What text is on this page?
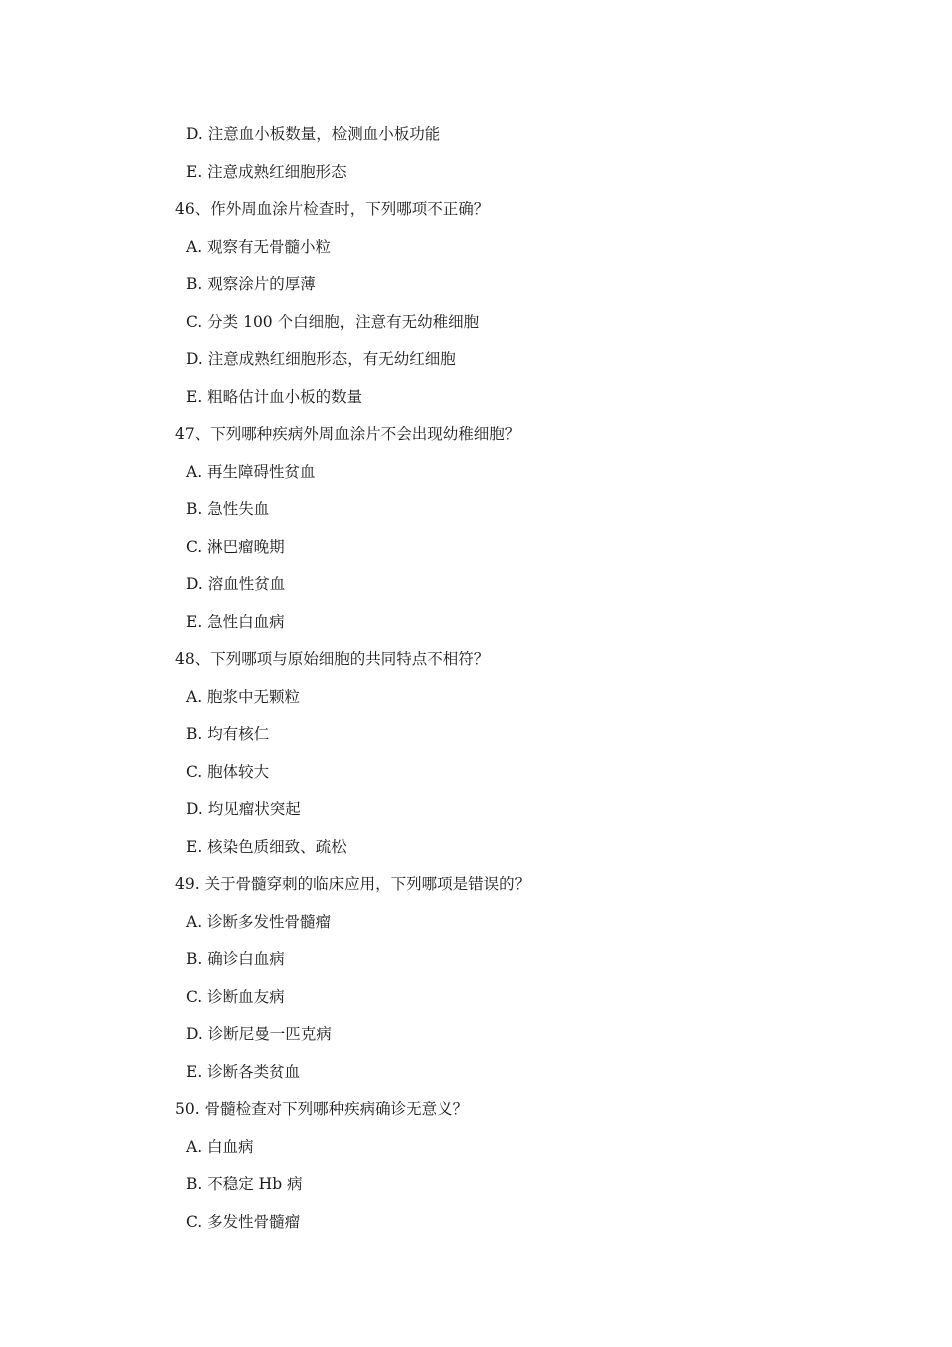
D. 注意血小板数量，检测血小板功能
E. 注意成熟红细胞形态
46、作外周血涂片检查时，下列哪项不正确？
A. 观察有无骨髓小粒
B. 观察涂片的厚薄
C. 分类 100 个白细胞，注意有无幼稚细胞
D. 注意成熟红细胞形态，有无幼红细胞
E. 粗略估计血小板的数量
47、下列哪种疾病外周血涂片不会出现幼稚细胞？
A. 再生障碍性贫血
B. 急性失血
C. 淋巴瘤晚期
D. 溶血性贫血
E. 急性白血病
48、下列哪项与原始细胞的共同特点不相符？
A. 胞浆中无颗粒
B. 均有核仁
C. 胞体较大
D. 均见瘤状突起
E. 核染色质细致、疏松
49. 关于骨髓穿刺的临床应用，下列哪项是错误的？
A. 诊断多发性骨髓瘤
B. 确诊白血病
C. 诊断血友病
D. 诊断尼曼一匹克病
E. 诊断各类贫血
50. 骨髓检查对下列哪种疾病确诊无意义？
A. 白血病
B. 不稳定 Hb 病
C. 多发性骨髓瘤
